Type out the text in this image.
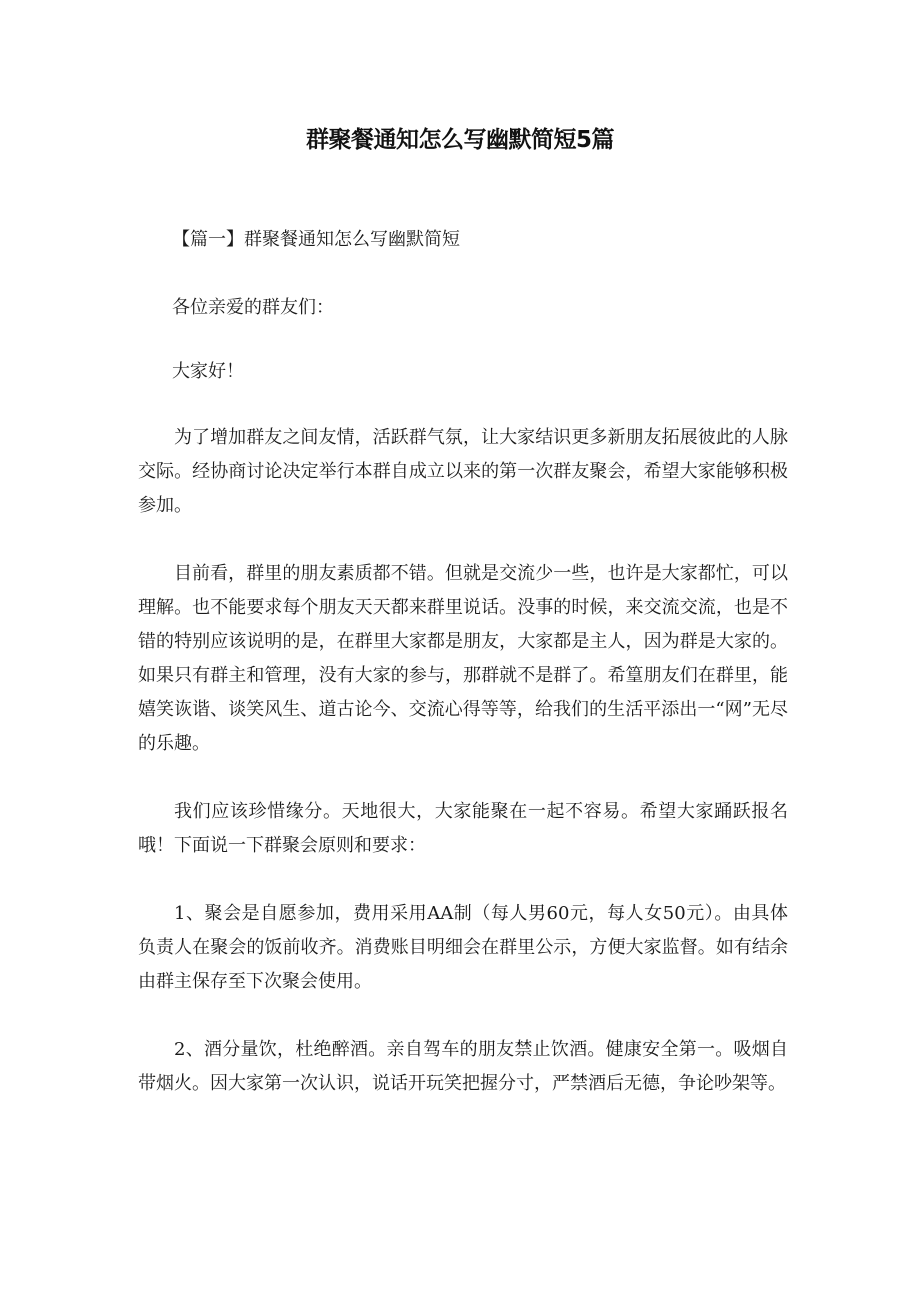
群聚餐通知怎么写幽默简短5篇

【篇一】群聚餐通知怎么写幽默简短

各位亲爱的群友们：

大家好！

为了增加群友之间友情，活跃群气氛，让大家结识更多新朋友拓展彼此的人脉交际。经协商讨论决定举行本群自成立以来的第一次群友聚会，希望大家能够积极参加。

目前看，群里的朋友素质都不错。但就是交流少一些，也许是大家都忙，可以理解。也不能要求每个朋友天天都来群里说话。没事的时候，来交流交流，也是不错的特别应该说明的是，在群里大家都是朋友，大家都是主人，因为群是大家的。如果只有群主和管理，没有大家的参与，那群就不是群了。希篁朋友们在群里，能嬉笑诙谐、谈笑风生、道古论今、交流心得等等，给我们的生活平添出一“网”无尽的乐趣。

我们应该珍惜缘分。天地很大，大家能聚在一起不容易。希望大家踊跃报名哦！下面说一下群聚会原则和要求：

1、聚会是自愿参加，费用采用AA制（每人男60元，每人女50元）。由具体负责人在聚会的饭前收齐。消费账目明细会在群里公示，方便大家监督。如有结余由群主保存至下次聚会使用。

2、酒分量饮，杜绝醉酒。亲自驾车的朋友禁止饮酒。健康安全第一。吸烟自带烟火。因大家第一次认识，说话开玩笑把握分寸，严禁酒后无德，争论吵架等。
